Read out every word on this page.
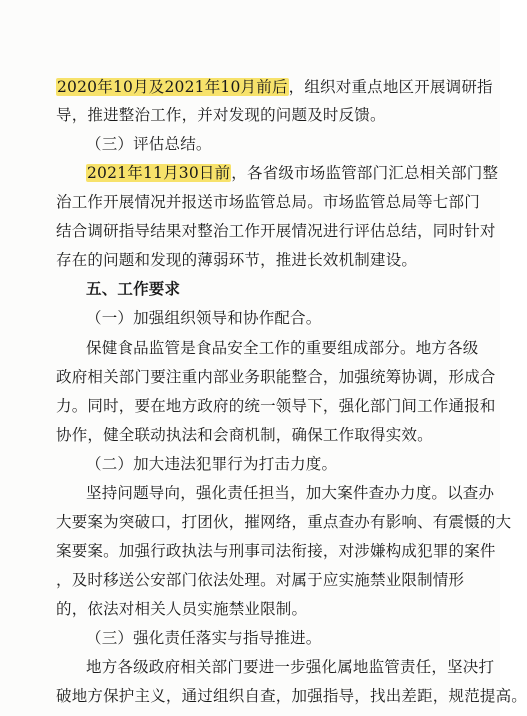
2020年10月及2021年10月前后，组织对重点地区开展调研指
导，推进整治工作，并对发现的问题及时反馈。
（三）评估总结。
2021年11月30日前，各省级市场监管部门汇总相关部门整
治工作开展情况并报送市场监管总局。市场监管总局等七部门
结合调研指导结果对整治工作开展情况进行评估总结，同时针对
存在的问题和发现的薄弱环节，推进长效机制建设。
五、工作要求
（一）加强组织领导和协作配合。
保健食品监管是食品安全工作的重要组成部分。地方各级
政府相关部门要注重内部业务职能整合，加强统筹协调，形成合
力。同时，要在地方政府的统一领导下，强化部门间工作通报和
协作，健全联动执法和会商机制，确保工作取得实效。
（二）加大违法犯罪行为打击力度。
坚持问题导向，强化责任担当，加大案件查办力度。以查办
大要案为突破口，打团伙，摧网络，重点查办有影响、有震慑的大
案要案。加强行政执法与刑事司法衔接，对涉嫌构成犯罪的案件
，及时移送公安部门依法处理。对属于应实施禁业限制情形
的，依法对相关人员实施禁业限制。
（三）强化责任落实与指导推进。
地方各级政府相关部门要进一步强化属地监管责任，坚决打
破地方保护主义，通过组织自查，加强指导，找出差距，规范提高。
